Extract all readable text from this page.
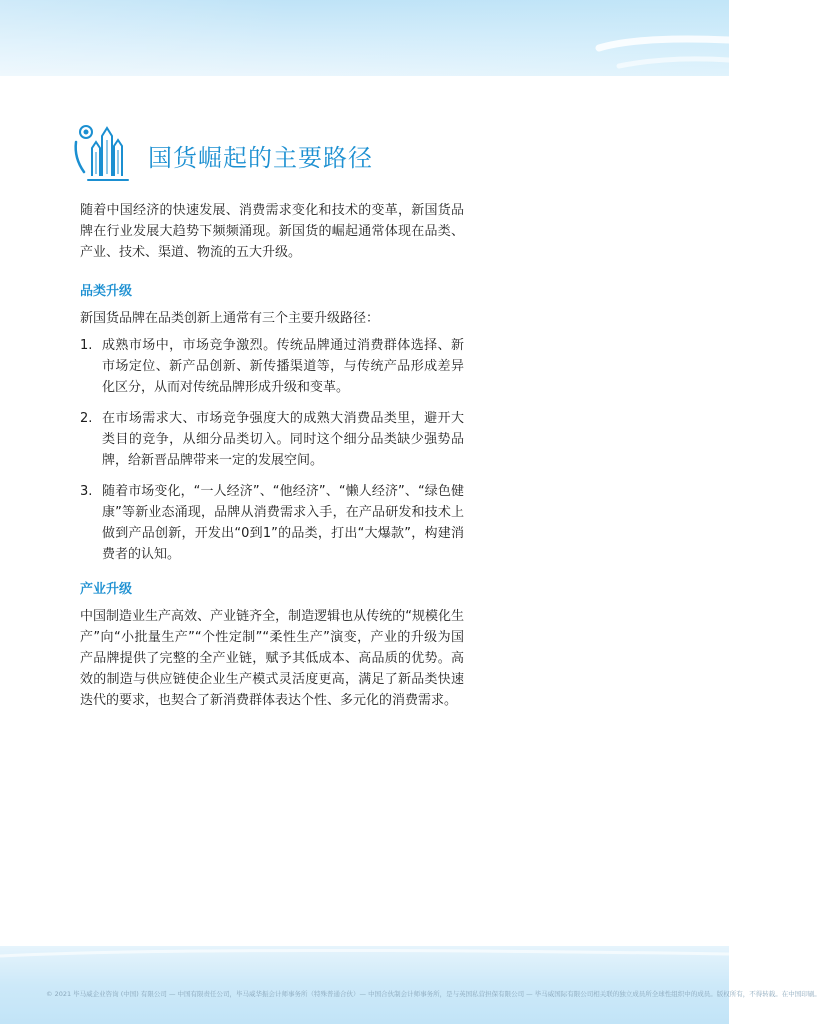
国货崛起的主要路径

随着中国经济的快速发展、消费需求变化和技术的变革，新国货品牌在行业发展大趋势下频频涌现。新国货的崛起通常体现在品类、产业、技术、渠道、物流的五大升级。

品类升级

新国货品牌在品类创新上通常有三个主要升级路径：

1. 成熟市场中，市场竞争激烈。传统品牌通过消费群体选择、新市场定位、新产品创新、新传播渠道等，与传统产品形成差异化区分，从而对传统品牌形成升级和变革。
2. 在市场需求大、市场竞争强度大的成熟大消费品类里，避开大类目的竞争，从细分品类切入。同时这个细分品类缺少强势品牌，给新晋品牌带来一定的发展空间。
3. 随着市场变化，“一人经济”、“他经济”、“懒人经济”、“绿色健康”等新业态涌现，品牌从消费需求入手，在产品研发和技术上做到产品创新，开发出“0到1”的品类，打出“大爆款”，构建消费者的认知。

产业升级

中国制造业生产高效、产业链齐全，制造逻辑也从传统的“规模化生产”向“小批量生产”“个性定制”“柔性生产”演变，产业的升级为国产品牌提供了完整的全产业链，赋予其低成本、高品质的优势。高效的制造与供应链使企业生产模式灵活度更高，满足了新品类快速迭代的要求，也契合了新消费群体表达个性、多元化的消费需求。

© 2021 毕马威企业咨询 (中国) 有限公司 — 中国有限责任公司，毕马威华振会计师事务所（特殊普通合伙）— 中国合伙制会计师事务所，是与英国私营担保有限公司 — 毕马威国际有限公司相关联的独立成员所全球性组织中的成员。版权所有，不得转载。在中国印刷。
